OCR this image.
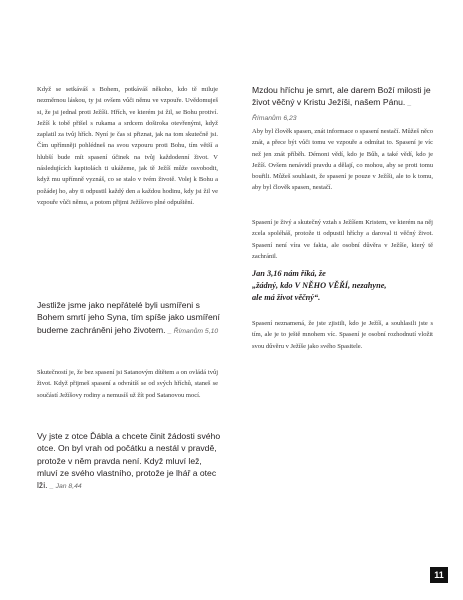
Když se setkáváš s Bohem, potkáváš někoho, kdo tě miluje nezměrnou láskou, ty jsi ovšem vůči němu ve vzpouře. Uvědomuješ si, že jsi jednal proti Ježíši. Hřích, ve kterém jsi žil, se Bohu protiví. Ježíš k tobě přišel s rukama a srdcem doširoka otevřenými, když zaplatil za tvůj hřích. Nyní je čas si přiznat, jak na tom skutečně jsi. Čím upřímněji pohlédneš na svou vzpouru proti Bohu, tím větší a hlubší bude mít spasení účinek na tvůj každodenní život. V následujících kapitolách ti ukážeme, jak tě Ježíš může osvobodit, když mu upřímně vyznáš, co se stalo v tvém životě. Volej k Bohu a požádej ho, aby ti odpustil každý den a každou hodinu, kdy jsi žil ve vzpouře vůči němu, a potom přijmi Ježíšovo plné odpuštění.

Jestliže jsme jako nepřátelé byli usmířeni s Bohem smrtí jeho Syna, tím spíše jako usmíření budeme zachráněni jeho životem. _ Římanům 5,10

Skutečností je, že bez spasení jsi Satanovým dítětem a on ovládá tvůj život. Když přijmeš spasení a odvrátíš se od svých hříchů, staneš se součástí Ježíšovy rodiny a nemusíš už žít pod Satanovou mocí.

Vy jste z otce Ďábla a chcete činit žádosti svého otce. On byl vrah od počátku a nestál v pravdě, protože v něm pravda není. Když mluví lež, mluví ze svého vlastního, protože je lhář a otec lži. _ Jan 8,44
Mzdou hříchu je smrt, ale darem Boží milosti je život věčný v Kristu Ježíši, našem Pánu. _ Římanům 6,23

Aby byl člověk spasen, znát informace o spasení nestačí. Můžeš něco znát, a přece být vůči tomu ve vzpouře a odmítat to. Spasení je víc než jen znát příběh. Démoni vědí, kdo je Bůh, a také vědí, kdo je Ježíš. Ovšem nenávidí pravdu a dělají, co mohou, aby se proti tomu bouřili. Můžeš souhlasit, že spasení je pouze v Ježíši, ale to k tomu, aby byl člověk spasen, nestačí.

Spasení je živý a skutečný vztah s Ježíšem Kristem, ve kterém na něj zcela spoléháš, protože ti odpustil hříchy a daroval ti věčný život. Spasení není víra ve fakta, ale osobní důvěra v Ježíše, který tě zachránil.

Jan 3,16 nám říká, že
„žádný, kdo V NĚHO VĚŘÍ, nezahyne,
ale má život věčný“.

Spasení neznamená, že jste zjistili, kdo je Ježíš, a souhlasili jste s tím, ale je to ještě mnohem víc. Spasení je osobní rozhodnutí vložit svou důvěru v Ježíše jako svého Spasitele.

11
